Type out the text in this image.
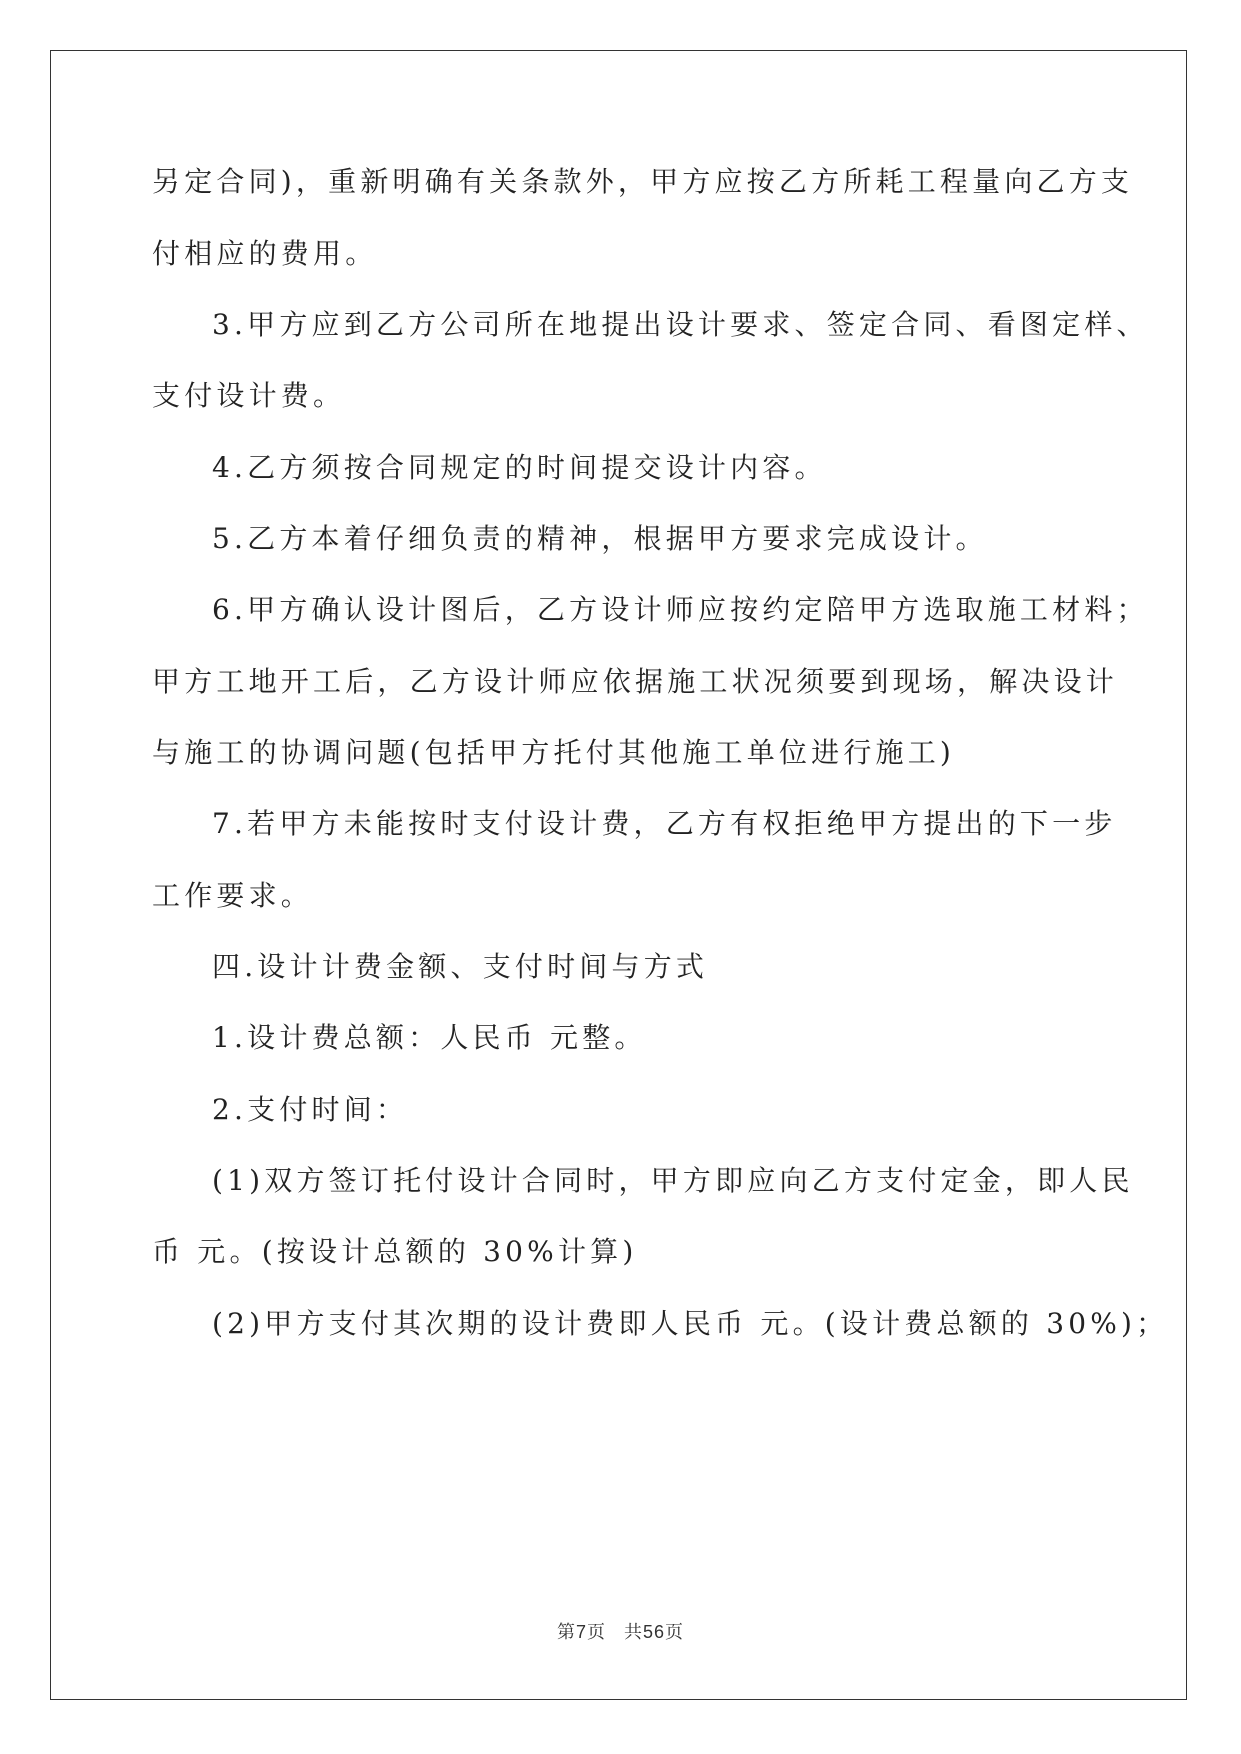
另定合同)，重新明确有关条款外，甲方应按乙方所耗工程量向乙方支
付相应的费用。
3.甲方应到乙方公司所在地提出设计要求、签定合同、看图定样、
支付设计费。
4.乙方须按合同规定的时间提交设计内容。
5.乙方本着仔细负责的精神，根据甲方要求完成设计。
6.甲方确认设计图后，乙方设计师应按约定陪甲方选取施工材料；
甲方工地开工后，乙方设计师应依据施工状况须要到现场，解决设计
与施工的协调问题(包括甲方托付其他施工单位进行施工)
7.若甲方未能按时支付设计费，乙方有权拒绝甲方提出的下一步
工作要求。
四.设计计费金额、支付时间与方式
1.设计费总额：人民币 元整。
2.支付时间：
(1)双方签订托付设计合同时，甲方即应向乙方支付定金，即人民
币 元。(按设计总额的 30%计算)
(2)甲方支付其次期的设计费即人民币 元。(设计费总额的 30%)；
第7页 共56页
